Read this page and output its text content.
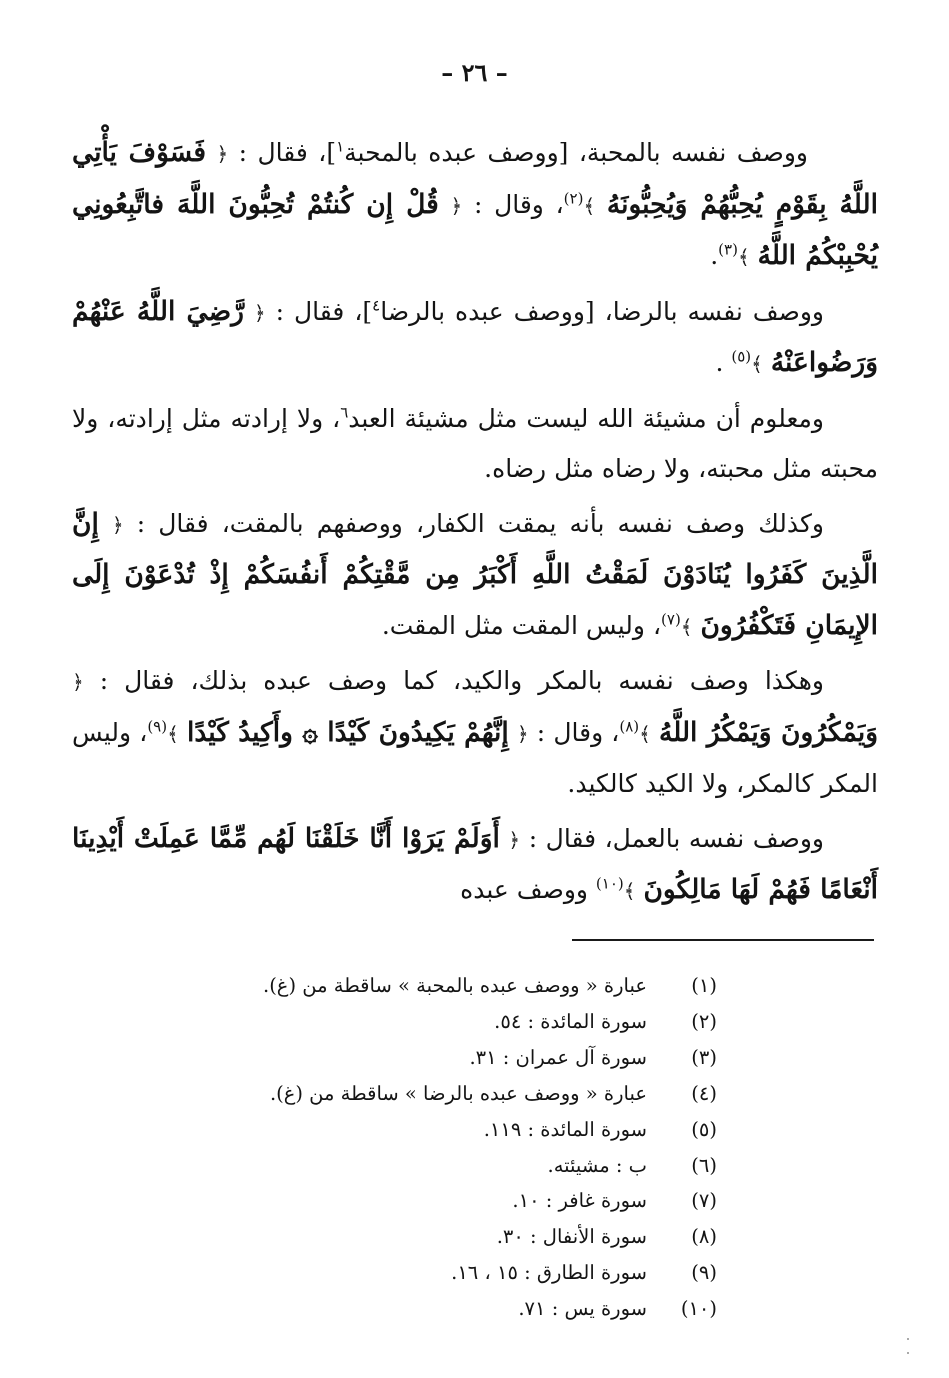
– ٢٦ –

ووصف نفسه بالمحبة، [ووصف عبده بالمحبة$^١$]، فقال : ﴿ فَسَوْفَ يَأْتِي اللَّهُ بِقَوْمٍ يُحِبُّهُمْ وَيُحِبُّونَهُ ﴾$^{(٢)}$، وقال : ﴿ قُلْ إِن كُنتُمْ تُحِبُّونَ اللَّهَ فاتَّبِعُونِي يُحْبِبْكُمُ اللَّهُ ﴾$^{(٣)}$.

ووصف نفسه بالرضا، [ووصف عبده بالرضا$^٤$]، فقال : ﴿ رَّضِيَ اللَّهُ عَنْهُمْ وَرَضُواعَنْهُ ﴾$^{(٥)}$ .

ومعلوم أن مشيئة الله ليست مثل مشيئة العبد$^٦$، ولا إرادته مثل إرادته، ولا محبته مثل محبته، ولا رضاه مثل رضاه.

وكذلك وصف نفسه بأنه يمقت الكفار، ووصفهم بالمقت، فقال : ﴿ إِنَّ الَّذِينَ كَفَرُوا يُنَادَوْنَ لَمَقْتُ اللَّهِ أَكْبَرُ مِن مَّقْتِكُمْ أَنفُسَكُمْ إِذْ تُدْعَوْنَ إِلَى الإِيمَانِ فَتَكْفُرُونَ ﴾$^{(٧)}$، وليس المقت مثل المقت.

وهكذا وصف نفسه بالمكر والكيد، كما وصف عبده بذلك، فقال : ﴿ وَيَمْكُرُونَ وَيَمْكُرُ اللَّهُ ﴾$^{(٨)}$، وقال : ﴿ إِنَّهُمْ يَكِيدُونَ كَيْدًا ۞ وأَكِيدُ كَيْدًا ﴾$^{(٩)}$، وليس المكر كالمكر، ولا الكيد كالكيد.

ووصف نفسه بالعمل، فقال : ﴿ أَوَلَمْ يَرَوْا أَنَّا خَلَقْنَا لَهُم مِّمَّا عَمِلَتْ أَيْدِينَا أَنْعَامًا فَهُمْ لَهَا مَالِكُونَ ﴾$^{(١٠)}$ ووصف عبده

(١)
عبارة « ووصف عبده بالمحبة » ساقطة من (غ).
(٢)
سورة المائدة : ٥٤.
(٣)
سورة آل عمران : ٣١.
(٤)
عبارة « ووصف عبده بالرضا » ساقطة من (غ).
(٥)
سورة المائدة : ١١٩.
(٦)
ب : مشيئته.
(٧)
سورة غافر : ١٠.
(٨)
سورة الأنفال : ٣٠.
(٩)
سورة الطارق : ١٥ ، ١٦.
(١٠)
سورة يس : ٧١.
